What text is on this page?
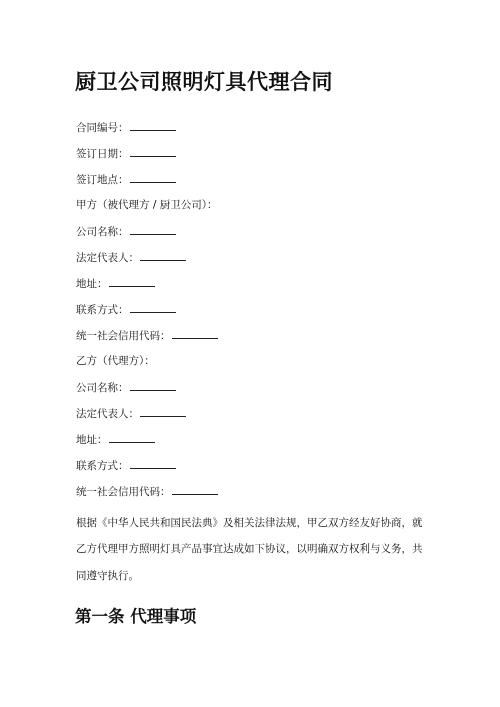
厨卫公司照明灯具代理合同
合同编号：
签订日期：
签订地点：
甲方（被代理方 / 厨卫公司）：
公司名称：
法定代表人：
地址：
联系方式：
统一社会信用代码：
乙方（代理方）：
公司名称：
法定代表人：
地址：
联系方式：
统一社会信用代码：

根据《中华人民共和国民法典》及相关法律法规，甲乙双方经友好协商，就乙方代理甲方照明灯具产品事宜达成如下协议，以明确双方权利与义务，共同遵守执行。

第一条 代理事项
